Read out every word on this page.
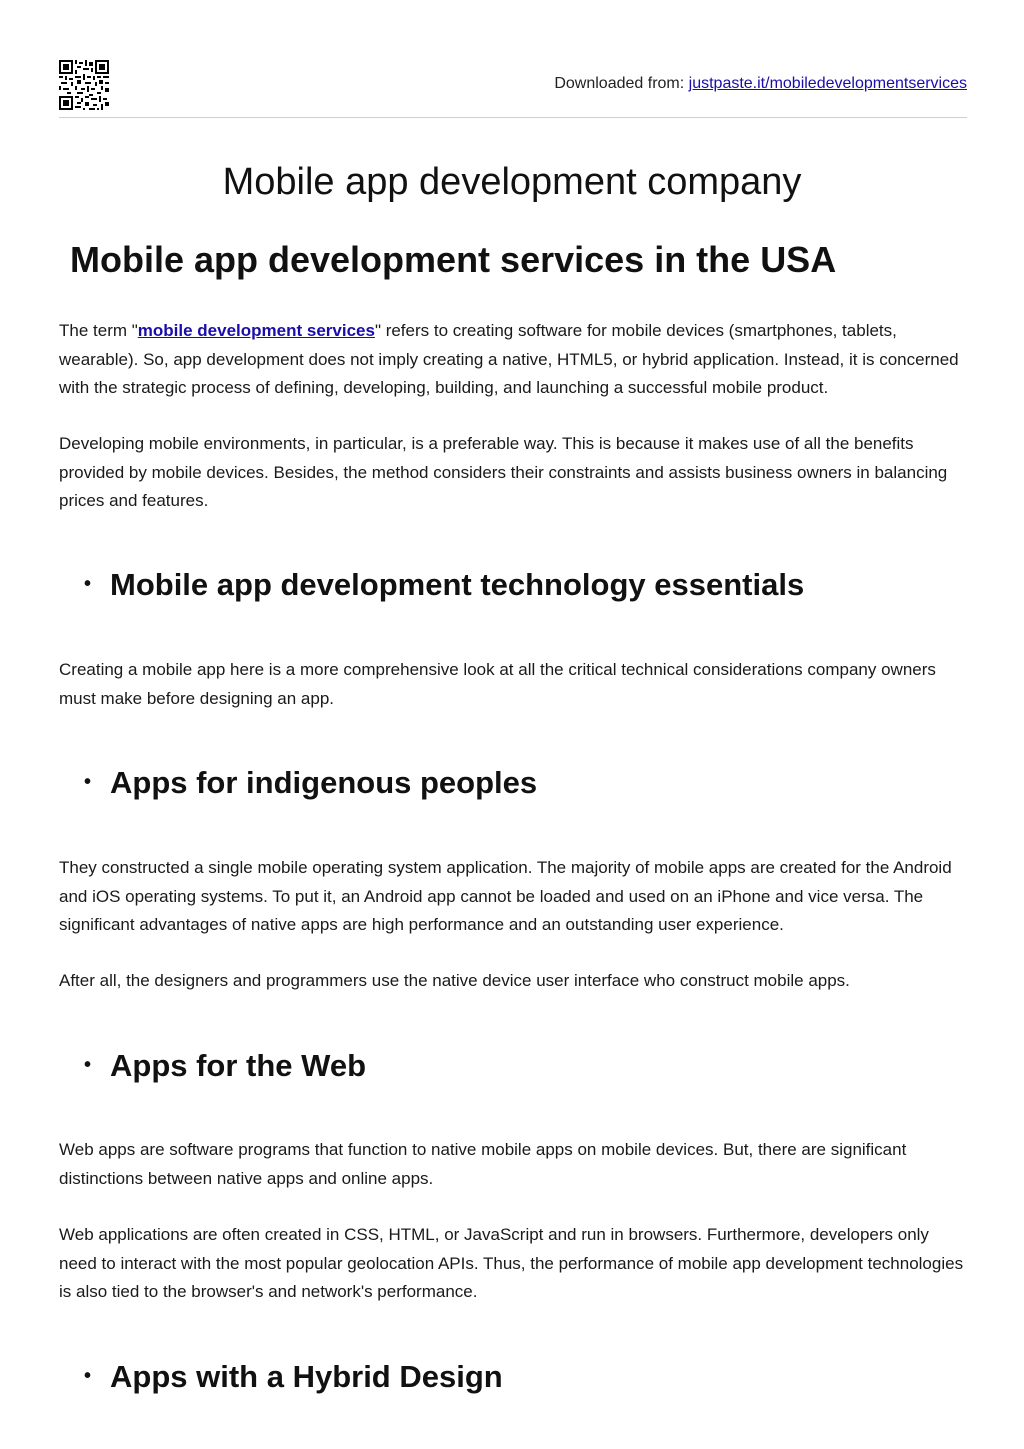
Downloaded from: justpaste.it/mobiledevelopmentservices
Mobile app development company
Mobile app development services in the USA

The term "mobile development services" refers to creating software for mobile devices (smartphones, tablets, wearable). So, app development does not imply creating a native, HTML5, or hybrid application. Instead, it is concerned with the strategic process of defining, developing, building, and launching a successful mobile product.

Developing mobile environments, in particular, is a preferable way. This is because it makes use of all the benefits provided by mobile devices. Besides, the method considers their constraints and assists business owners in balancing prices and features.

• Mobile app development technology essentials

Creating a mobile app here is a more comprehensive look at all the critical technical considerations company owners must make before designing an app.

• Apps for indigenous peoples

They constructed a single mobile operating system application. The majority of mobile apps are created for the Android and iOS operating systems. To put it, an Android app cannot be loaded and used on an iPhone and vice versa. The significant advantages of native apps are high performance and an outstanding user experience.

After all, the designers and programmers use the native device user interface who construct mobile apps.

• Apps for the Web

Web apps are software programs that function to native mobile apps on mobile devices. But, there are significant distinctions between native apps and online apps.

Web applications are often created in CSS, HTML, or JavaScript and run in browsers. Furthermore, developers only need to interact with the most popular geolocation APIs. Thus, the performance of mobile app development technologies is also tied to the browser's and network's performance.

• Apps with a Hybrid Design
